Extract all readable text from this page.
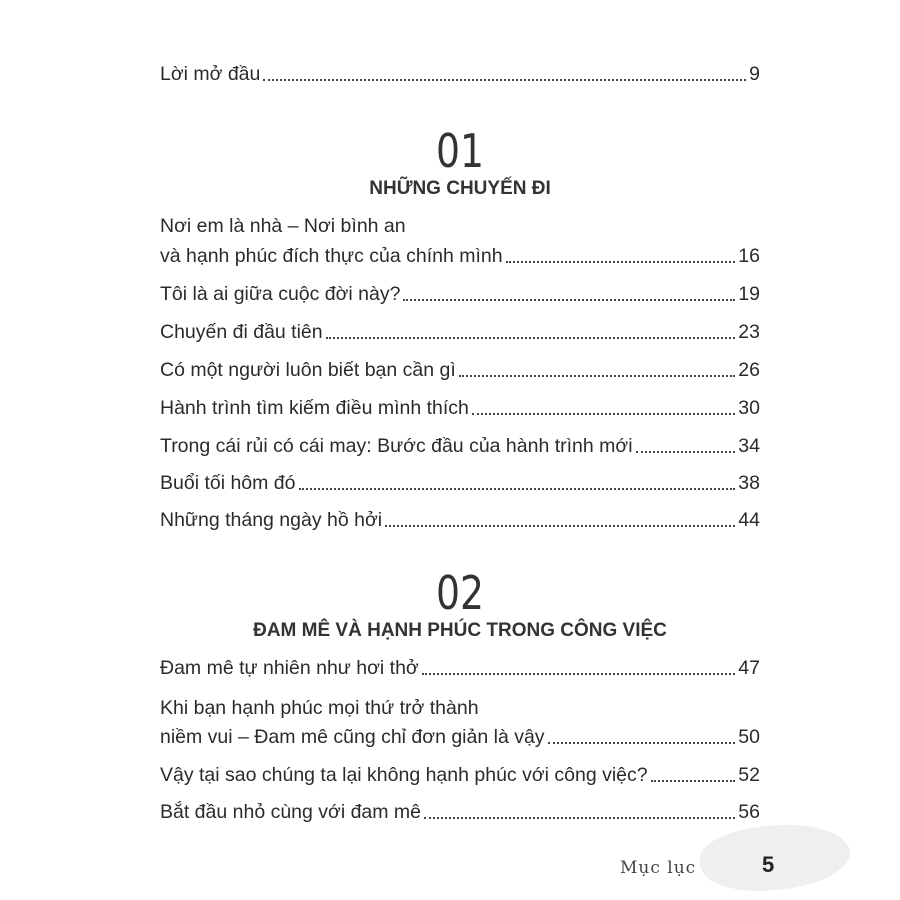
Lời mở đầu	9
01
NHỮNG CHUYẾN ĐI
Nơi em là nhà – Nơi bình an
và hạnh phúc đích thực của chính mình	16
Tôi là ai giữa cuộc đời này?	19
Chuyến đi đầu tiên	23
Có một người luôn biết bạn cần gì	26
Hành trình tìm kiếm điều mình thích	30
Trong cái rủi có cái may: Bước đầu của hành trình mới	34
Buổi tối hôm đó	38
Những tháng ngày hồ hởi	44
02
ĐAM MÊ VÀ HẠNH PHÚC TRONG CÔNG VIỆC
Đam mê tự nhiên như hơi thở	47
Khi bạn hạnh phúc mọi thứ trở thành
niềm vui – Đam mê cũng chỉ đơn giản là vậy	50
Vậy tại sao chúng ta lại không hạnh phúc với công việc?	52
Bắt đầu nhỏ cùng với đam mê	56
Mục lục	5
